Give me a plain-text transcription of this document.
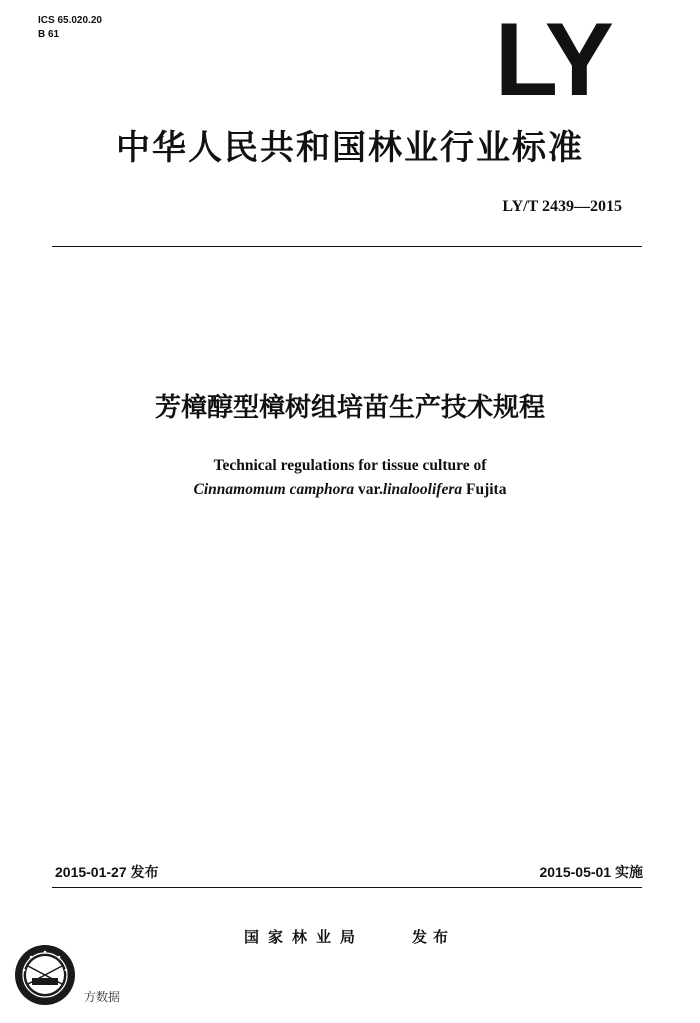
ICS 65.020.20
B 61	LY
中华人民共和国林业行业标准
LY/T 2439—2015
芳樟醇型樟树组培苗生产技术规程
Technical regulations for tissue culture of
Cinnamomum camphora var.linaloolifera Fujita
2015-01-27 发布	2015-05-01 实施
国家林业局	发布
方数据
